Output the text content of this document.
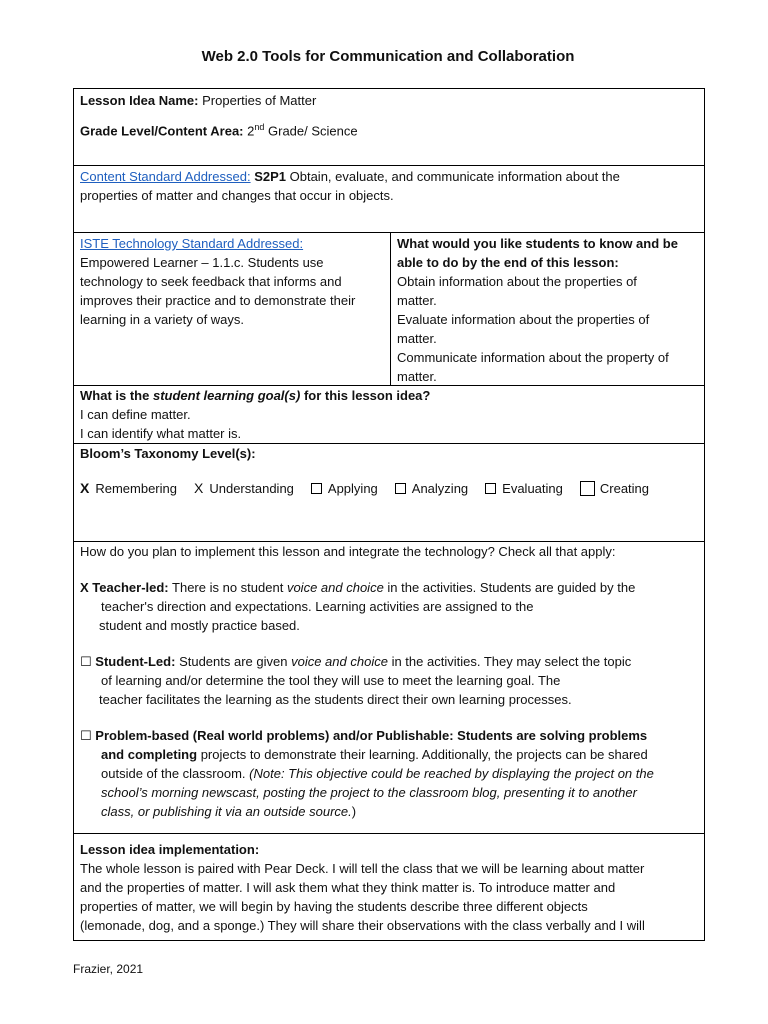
Web 2.0 Tools for Communication and Collaboration
Lesson Idea Name: Properties of Matter
Grade Level/Content Area: 2nd Grade/ Science
Content Standard Addressed: S2P1 Obtain, evaluate, and communicate information about the
properties of matter and changes that occur in objects.
ISTE Technology Standard Addressed:
Empowered Learner – 1.1.c. Students use
technology to seek feedback that informs and
improves their practice and to demonstrate their
learning in a variety of ways.
What would you like students to know and be
able to do by the end of this lesson:
Obtain information about the properties of
matter.
Evaluate information about the properties of
matter.
Communicate information about the property of
matter.
What is the student learning goal(s) for this lesson idea?
I can define matter.
I can identify what matter is.
Bloom’s Taxonomy Level(s):
X Remembering X Understanding	Applying	Analyzing	Evaluating	Creating
How do you plan to implement this lesson and integrate the technology? Check all that apply:
X Teacher-led: There is no student voice and choice in the activities. Students are guided by the
teacher's direction and expectations. Learning activities are assigned to the
student and mostly practice based.
☐ Student-Led: Students are given voice and choice in the activities. They may select the topic
of learning and/or determine the tool they will use to meet the learning goal. The
teacher facilitates the learning as the students direct their own learning processes.
☐ Problem-based (Real world problems) and/or Publishable: Students are solving problems
and completing projects to demonstrate their learning. Additionally, the projects can be shared
outside of the classroom. (Note: This objective could be reached by displaying the project on the
school’s morning newscast, posting the project to the classroom blog, presenting it to another
class, or publishing it via an outside source.)
Lesson idea implementation:
The whole lesson is paired with Pear Deck. I will tell the class that we will be learning about matter
and the properties of matter. I will ask them what they think matter is. To introduce matter and
properties of matter, we will begin by having the students describe three different objects
(lemonade, dog, and a sponge.) They will share their observations with the class verbally and I will
Frazier, 2021
